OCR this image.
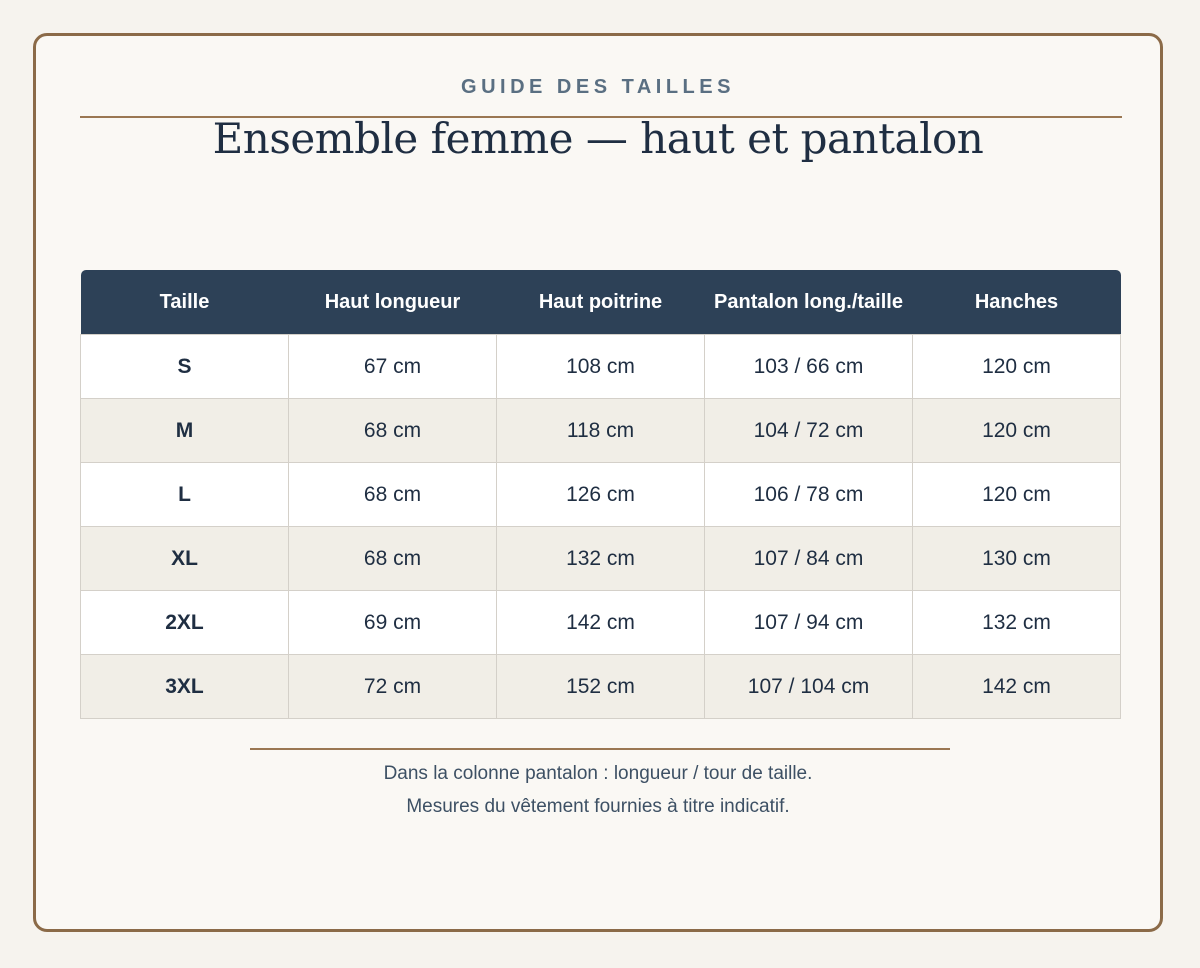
GUIDE DES TAILLES
Ensemble femme — haut et pantalon
Taille	Haut longueur	Haut poitrine	Pantalon long./taille	Hanches
S	67 cm	108 cm	103 / 66 cm	120 cm
M	68 cm	118 cm	104 / 72 cm	120 cm
L	68 cm	126 cm	106 / 78 cm	120 cm
XL	68 cm	132 cm	107 / 84 cm	130 cm
2XL	69 cm	142 cm	107 / 94 cm	132 cm
3XL	72 cm	152 cm	107 / 104 cm	142 cm
Dans la colonne pantalon : longueur / tour de taille.
Mesures du vêtement fournies à titre indicatif.
